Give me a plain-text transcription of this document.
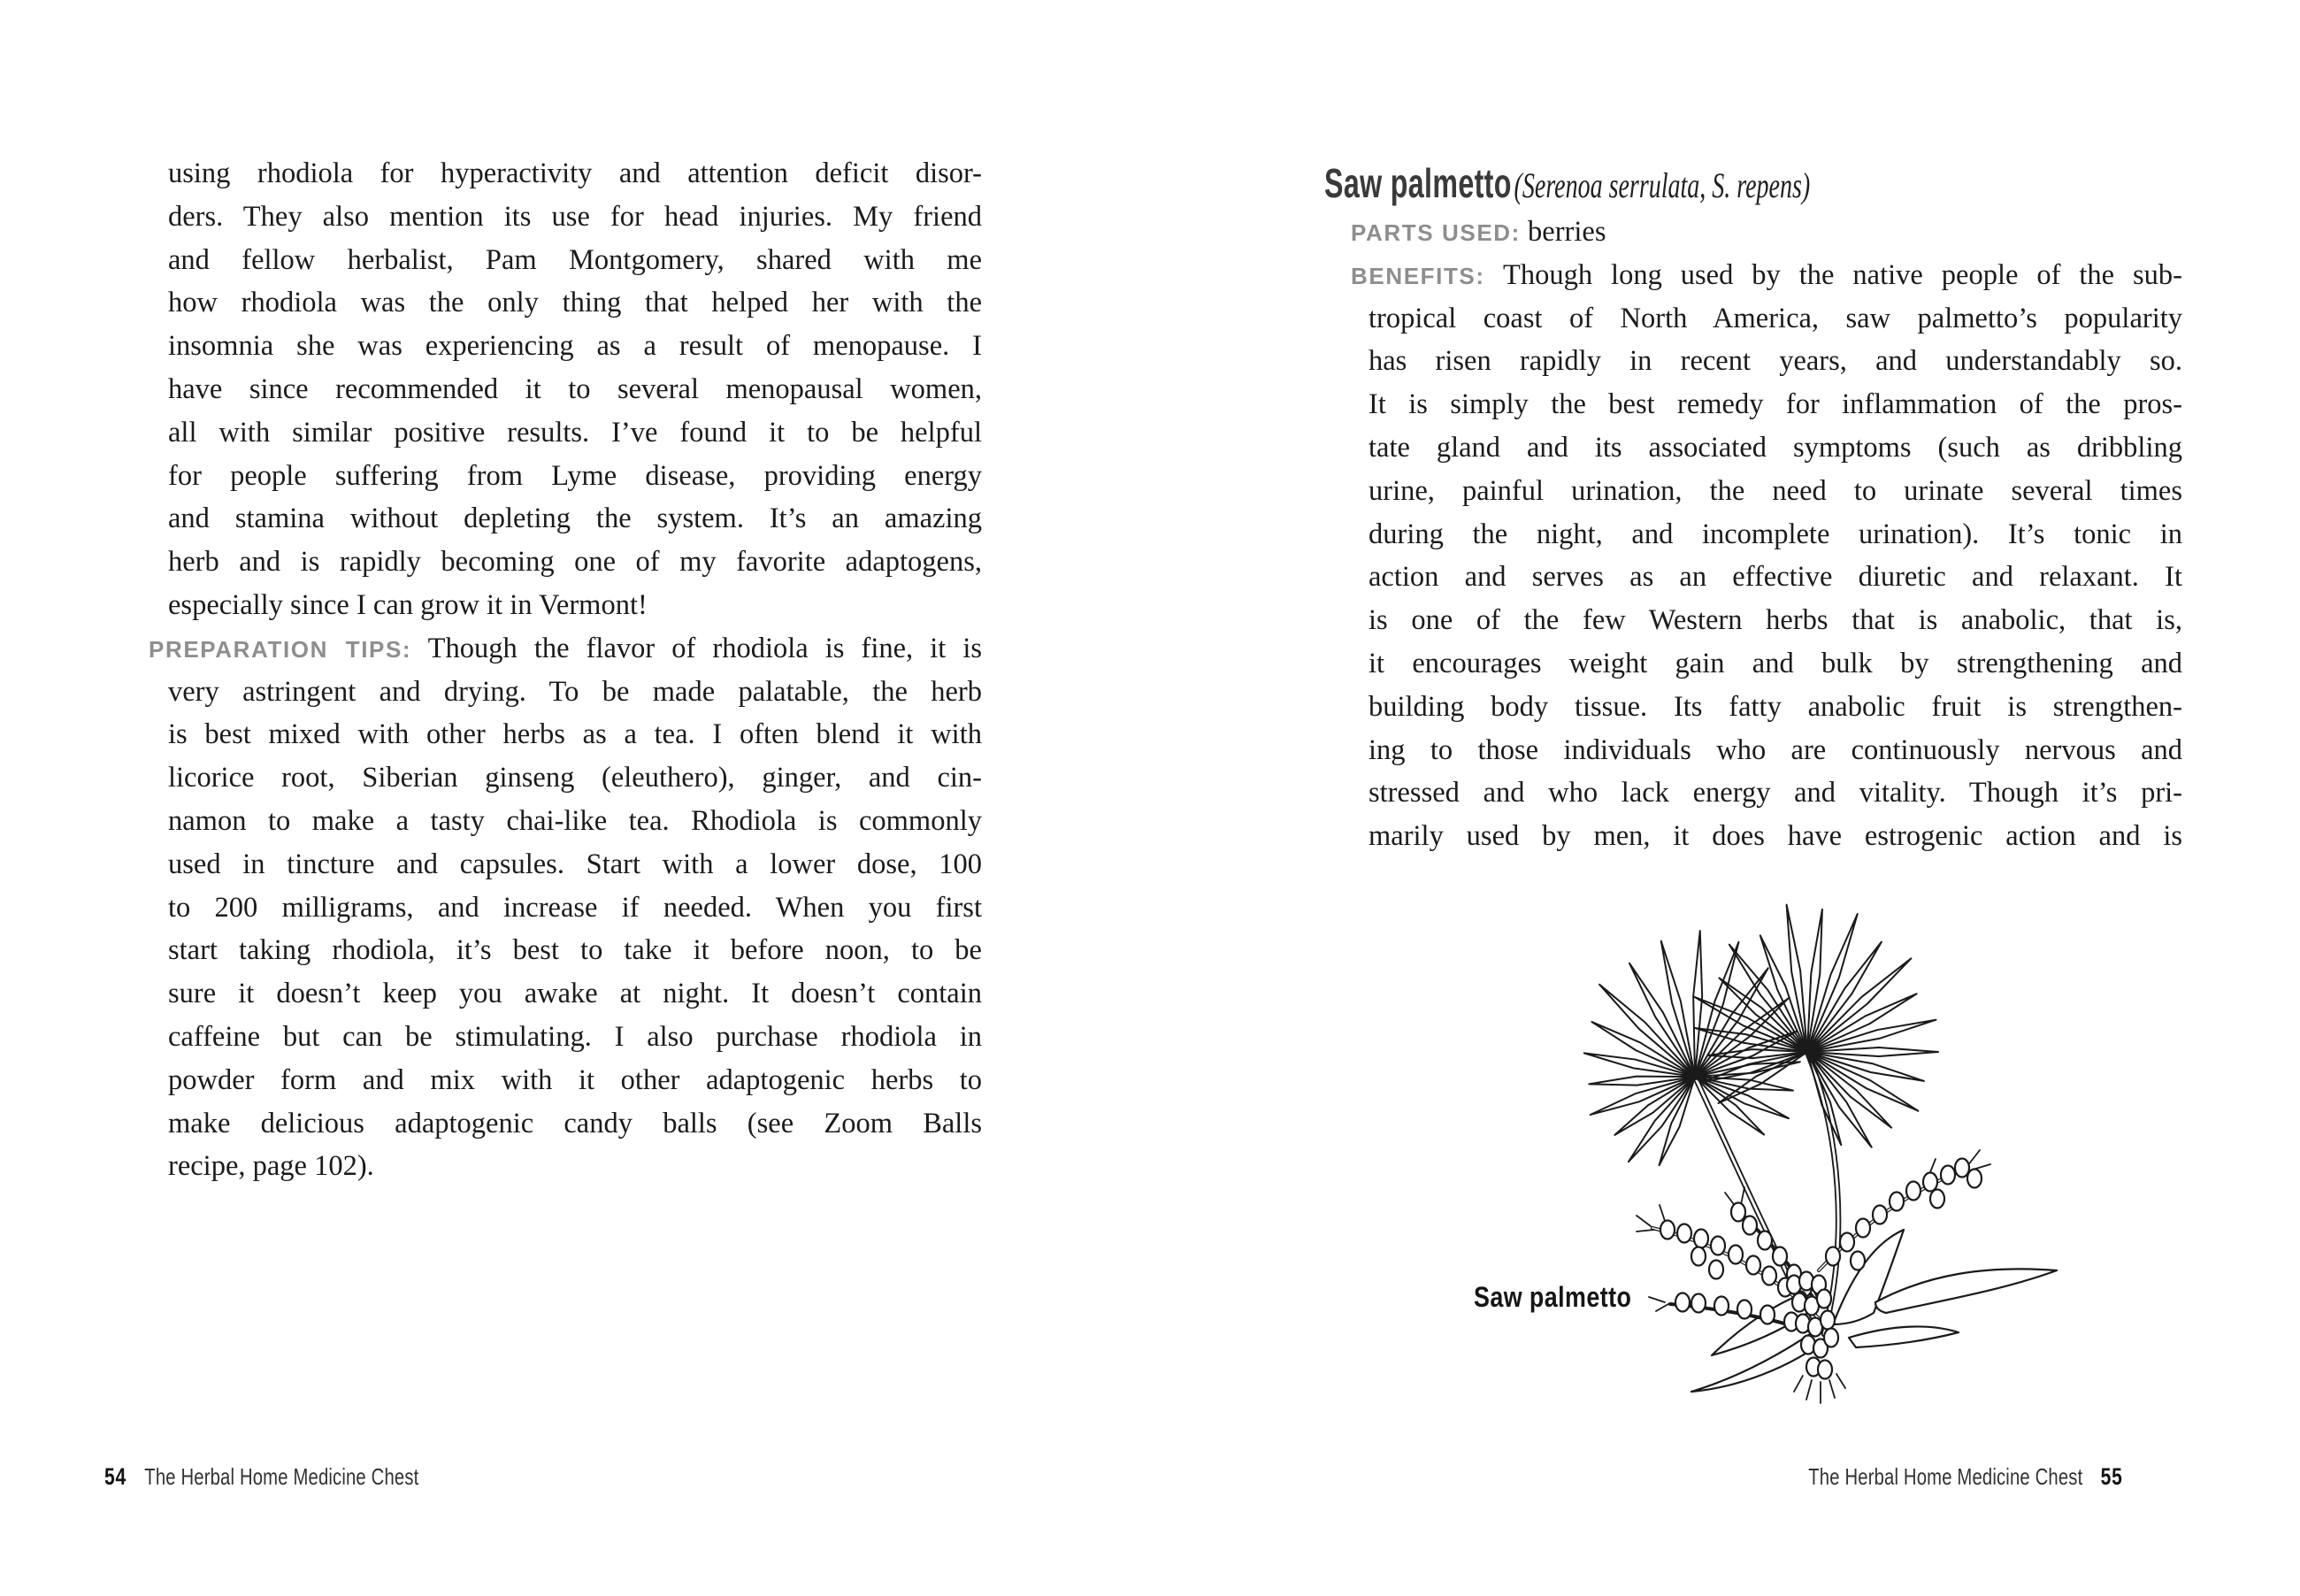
using rhodiola for hyperactivity and attention deficit disor-
ders. They also mention its use for head injuries. My friend
and fellow herbalist, Pam Montgomery, shared with me
how rhodiola was the only thing that helped her with the
insomnia she was experiencing as a result of menopause. I
have since recommended it to several menopausal women,
all with similar positive results. I’ve found it to be helpful
for people suffering from Lyme disease, providing energy
and stamina without depleting the system. It’s an amazing
herb and is rapidly becoming one of my favorite adaptogens,
especially since I can grow it in Vermont!
PREPARATION TIPS: Though the flavor of rhodiola is fine, it is
very astringent and drying. To be made palatable, the herb
is best mixed with other herbs as a tea. I often blend it with
licorice root, Siberian ginseng (eleuthero), ginger, and cin-
namon to make a tasty chai-like tea. Rhodiola is commonly
used in tincture and capsules. Start with a lower dose, 100
to 200 milligrams, and increase if needed. When you first
start taking rhodiola, it’s best to take it before noon, to be
sure it doesn’t keep you awake at night. It doesn’t contain
caffeine but can be stimulating. I also purchase rhodiola in
powder form and mix with it other adaptogenic herbs to
make delicious adaptogenic candy balls (see Zoom Balls
recipe, page 102).
Saw palmetto (Serenoa serrulata, S. repens)
PARTS USED: berries
BENEFITS: Though long used by the native people of the sub-
tropical coast of North America, saw palmetto’s popularity
has risen rapidly in recent years, and understandably so.
It is simply the best remedy for inflammation of the pros-
tate gland and its associated symptoms (such as dribbling
urine, painful urination, the need to urinate several times
during the night, and incomplete urination). It’s tonic in
action and serves as an effective diuretic and relaxant. It
is one of the few Western herbs that is anabolic, that is,
it encourages weight gain and bulk by strengthening and
building body tissue. Its fatty anabolic fruit is strengthen-
ing to those individuals who are continuously nervous and
stressed and who lack energy and vitality. Though it’s pri-
marily used by men, it does have estrogenic action and is
Saw palmetto
54 The Herbal Home Medicine Chest	The Herbal Home Medicine Chest 55
